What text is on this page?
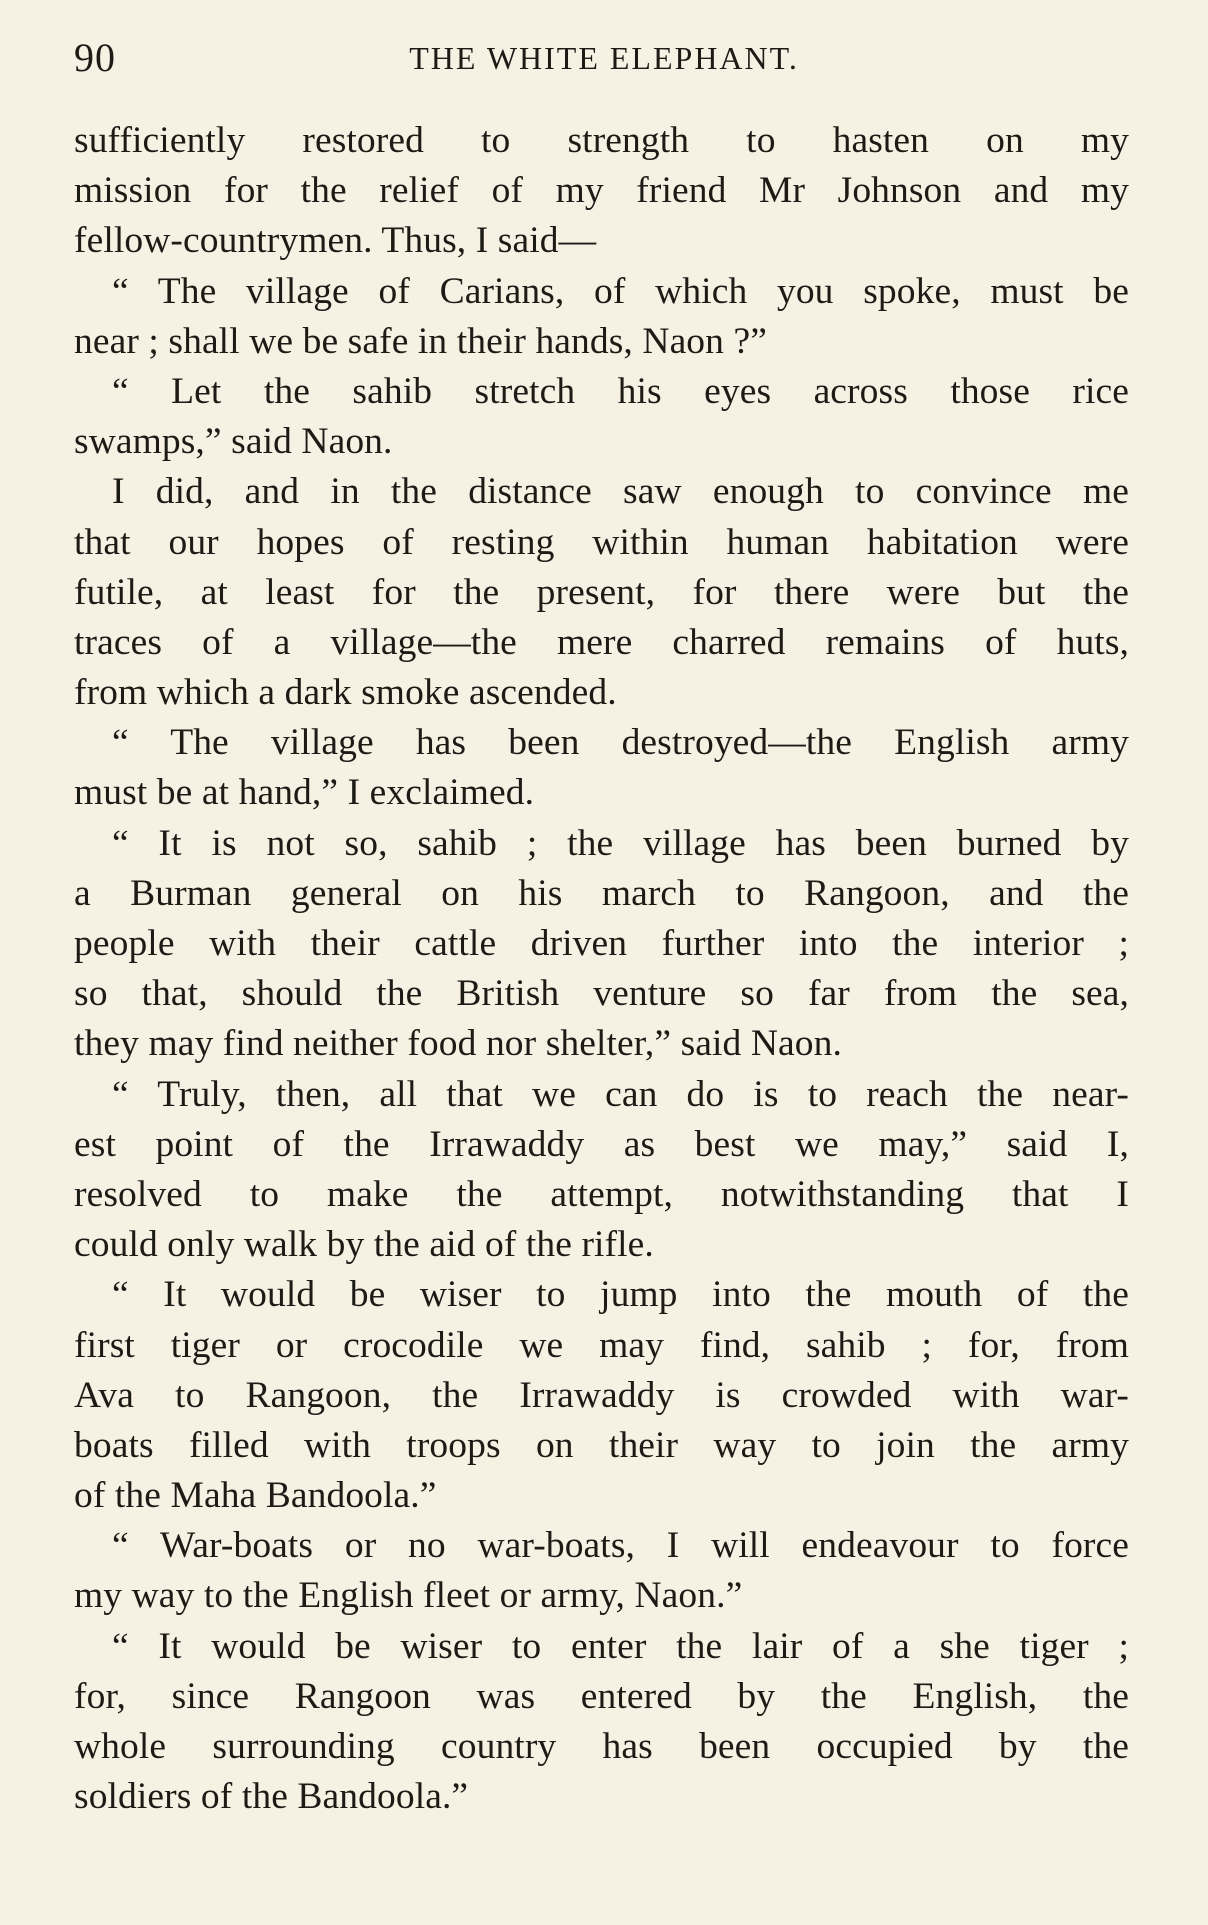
90	THE WHITE ELEPHANT.
sufficiently restored to strength to hasten on my
mission for the relief of my friend Mr Johnson and my
fellow-countrymen. Thus, I said—
“ The village of Carians, of which you spoke, must be
near ; shall we be safe in their hands, Naon ?”
“ Let the sahib stretch his eyes across those rice
swamps,” said Naon.
I did, and in the distance saw enough to convince me
that our hopes of resting within human habitation were
futile, at least for the present, for there were but the
traces of a village—the mere charred remains of huts,
from which a dark smoke ascended.
“ The village has been destroyed—the English army
must be at hand,” I exclaimed.
“ It is not so, sahib ; the village has been burned by
a Burman general on his march to Rangoon, and the
people with their cattle driven further into the interior ;
so that, should the British venture so far from the sea,
they may find neither food nor shelter,” said Naon.
“ Truly, then, all that we can do is to reach the near-
est point of the Irrawaddy as best we may,” said I,
resolved to make the attempt, notwithstanding that I
could only walk by the aid of the rifle.
“ It would be wiser to jump into the mouth of the
first tiger or crocodile we may find, sahib ; for, from
Ava to Rangoon, the Irrawaddy is crowded with war-
boats filled with troops on their way to join the army
of the Maha Bandoola.”
“ War-boats or no war-boats, I will endeavour to force
my way to the English fleet or army, Naon.”
“ It would be wiser to enter the lair of a she tiger ;
for, since Rangoon was entered by the English, the
whole surrounding country has been occupied by the
soldiers of the Bandoola.”
